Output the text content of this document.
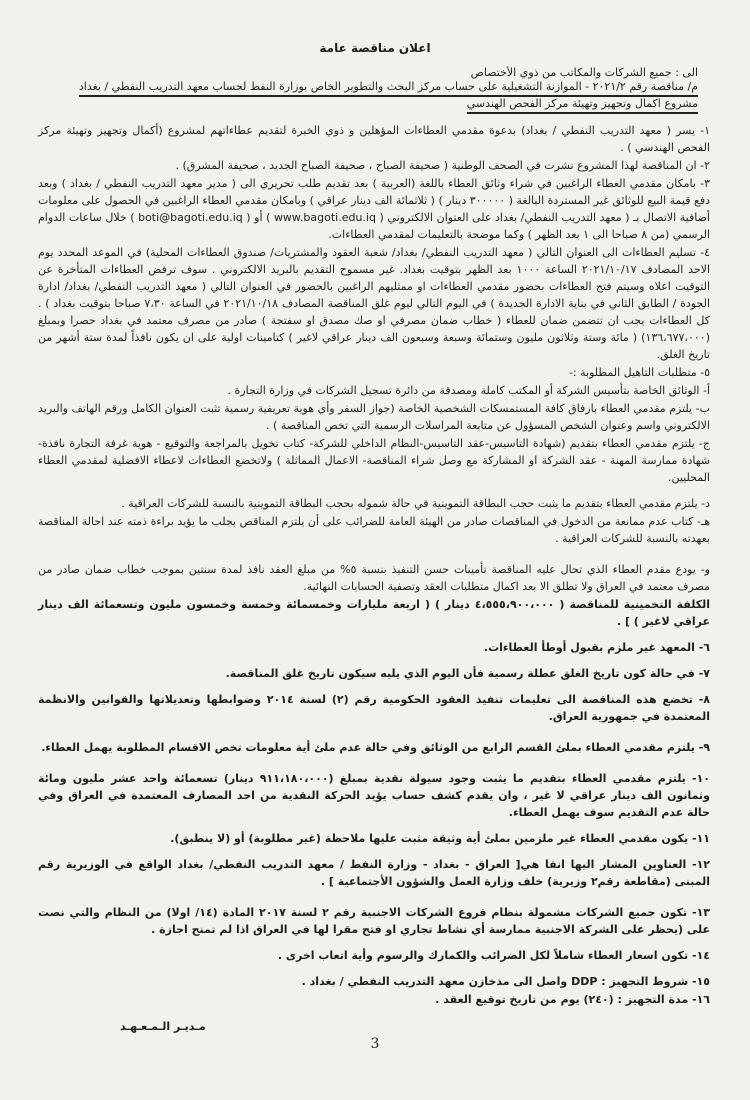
اعلان مناقصة عامة
الى : جميع الشركات والمكاتب من ذوي الأختصاص
م/ مناقصة رقم ٢٠٢١/٢ - الموازنة التشغيلية على حساب مركز البحث والتطوير الخاص بوزارة النفط لحساب معهد التدريب النفطي / بغداد
مشروع اكمال وتجهيز وتهيئة مركز الفحص الهندسي

١- يسر ( معهد التدريب النفطي / بغداد) بدعوة مقدمي العطاءات المؤهلين و ذوي الخبرة لتقديم عطاءاتهم لمشروع (أكمال وتجهيز وتهيئة مركز الفحص الهندسي ) .

٢- ان المناقصة لهذا المشروع نشرت في الصحف الوطنية ( صحيفة الصباح ، صحيفة الصباح الجديد ، صحيفة المشرق) .

٣- بامكان مقدمي العطاء الراغبين في شراء وثائق العطاء باللغة (العربية ) بعد تقديم طلب تحريري الى ( مدير معهد التدريب النفطي / بغداد ) وبعد دفع قيمة البيع للوثائق غير المستردة البالغة ( ٣٠٠٠٠٠ دينار ) ( ثلاثمائة الف دينار عراقي ) وبامكان مقدمي العطاء الراغبين في الحصول على معلومات أضافية الاتصال بـ ( معهد التدريب النفطي/ بغداد على العنوان الالكتروني ( www.bagoti.edu.iq ) أو ( boti@bagoti.edu.iq ) خلال ساعات الدوام الرسمي (من ٨ صباحا الى ١ بعد الظهر ) وكما موضحة بالتعليمات لمقدمي العطاءات.

٤- تسليم العطاءات الى العنوان التالي ( معهد التدريب النفطي/ بغداد/ شعبة العقود والمشتريات/ صندوق العطاءات المحلية) في الموعد المحدد يوم الاحد المصادف ٢٠٢١/١٠/١٧ الساعة ١٠٠٠ بعد الظهر بتوقيت بغداد. غير مسموح التقديم بالبريد الالكتروني . سوف ترفض العطاءات المتأخرة عن التوقيت اعلاه وسيتم فتح العطاءات بحضور مقدمي العطاءات او ممثليهم الراغبين بالحضور في العنوان التالي ( معهد التدريب النفطي/ بغداد/ ادارة الجودة / الطابق الثاني في بناية الادارة الجديدة ) في اليوم التالي ليوم غلق المناقصة المصادف ٢٠٢١/١٠/١٨ في الساعة ٧،٣٠ صباحا بتوقيت بغداد ) . كل العطاءات يجب ان تتضمن ضمان للعطاء ( خطاب ضمان مصرفي او صك مصدق او سفتجة ) صادر من مصرف معتمد في بغداد حصرا وبمبلغ (١٣٦،٦٧٧،٠٠٠) ( مائة وستة وثلاثون مليون وستمائة وسبعة وسبعون الف دينار عراقي لاغير ) كتامينات اولية على ان يكون نافذاً لمدة ستة أشهر من تاريخ الغلق.

٥- متطلبات التاهيل المطلوبة :-

أ- الوثائق الخاصة بتأسيس الشركة أو المكتب كاملة ومصدقة من دائرة تسجيل الشركات في وزارة التجارة .

ب- يلتزم مقدمي العطاء بارفاق كافة المستمسكات الشخصية الخاصة (جواز السفر وأي هوية تعريفية رسمية تثبت العنوان الكامل ورقم الهاتف والبريد الالكتروني واسم وعنوان الشخص المسؤول عن متابعة المراسلات الرسمية التي تخص المناقصة ) .

ج- يلتزم مقدمي العطاء بتقديم (شهادة التاسيس-عقد التاسيس-النظام الداخلي للشركة- كتاب تخويل بالمراجعة والتوقيع - هوية غرفة التجارة نافذة- شهادة ممارسة المهنة - عقد الشركة او المشاركة مع وصل شراء المناقصة- الاعمال المماثلة ) ولاتخضع العطاءات لاعطاء الافضلية لمقدمي العطاء المحليين.

د- يلتزم مقدمي العطاء بتقديم ما يثبت حجب البطاقة التموينية في حالة شموله بحجب البطاقة التموينية بالنسبة للشركات العراقية .

هـ- كتاب عدم ممانعة من الدخول في المناقصات صادر من الهيئة العامة للضرائب على أن يلتزم المناقص بجلب ما يؤيد براءة ذمته عند احالة المناقصة بعهدته بالنسبة للشركات العراقية .

و- يودع مقدم العطاء الذي تحال عليه المناقصة تأمينات حسن التنفيذ بنسبة ٥% من مبلغ العقد نافذ لمدة سنتين بموجب خطاب ضمان صادر من مصرف معتمد في العراق ولا تطلق الا بعد اكمال متطلبات العقد وتصفية الحسابات النهائية.

الكلفة التخمينية للمناقصة ( ٤،٥٥٥،٩٠٠،٠٠٠ دينار ) ( اربعة مليارات وخمسمائة وخمسة وخمسون مليون وتسعمائة الف دينار عراقي لاغير ) ] .

٦- المعهد غير ملزم بقبول أوطأ العطاءات.

٧- في حالة كون تاريخ الغلق عطلة رسمية فأن اليوم الذي يليه سيكون تاريخ غلق المناقصة.

٨- تخضع هذه المناقصة الى تعليمات تنفيذ العقود الحكومية رقم (٢) لسنة ٢٠١٤ وضوابطها وتعديلاتها والقوانين والانظمة المعتمدة في جمهورية العراق.

٩- يلتزم مقدمي العطاء بملئ القسم الرابع من الوثائق وفي حالة عدم ملئ أية معلومات تخص الاقسام المطلوبة يهمل العطاء.

١٠- يلتزم مقدمي العطاء بتقديم ما يثبت وجود سيولة نقدية بمبلغ (٩١١،١٨٠،٠٠٠ دينار) تسعمائة واحد عشر مليون ومائة وثمانون الف دينار عراقي لا غير ، وان يقدم كشف حساب يؤيد الحركة النقدية من احد المصارف المعتمدة في العراق وفي حالة عدم التقديم سوف يهمل العطاء.

١١- يكون مقدمي العطاء غير ملزمين بملئ أية وثيقة مثبت عليها ملاحظة (غير مطلوبة) أو (لا ينطبق).

١٢- العناوين المشار اليها انفا هي[ العراق - بغداد - وزارة النفط / معهد التدريب النفطي/ بغداد الواقع في الوزيرية رقم المبنى (مقاطعة رقم٢ وزيرية) خلف وزارة العمل والشؤون الأجتماعية ] .

١٣- تكون جميع الشركات مشمولة بنظام فروع الشركات الاجنبية رقم ٢ لسنة ٢٠١٧ المادة (١٤/ اولا) من النظام والتي نصت على (يحظر على الشركة الاجنبية ممارسة أي نشاط تجاري او فتح مقرا لها في العراق اذا لم تمنح اجازة .

١٤- تكون اسعار العطاء شاملاً لكل الضرائب والكمارك والرسوم وأية اتعاب اخرى .

١٥- شروط التجهيز : DDP واصل الى مذخازن معهد التدريب النفطي / بغداد .

١٦- مدة التجهيز : (٢٤٠) يوم من تاريخ توقيع العقد .

مـديـر الـمـعـهـد
3
